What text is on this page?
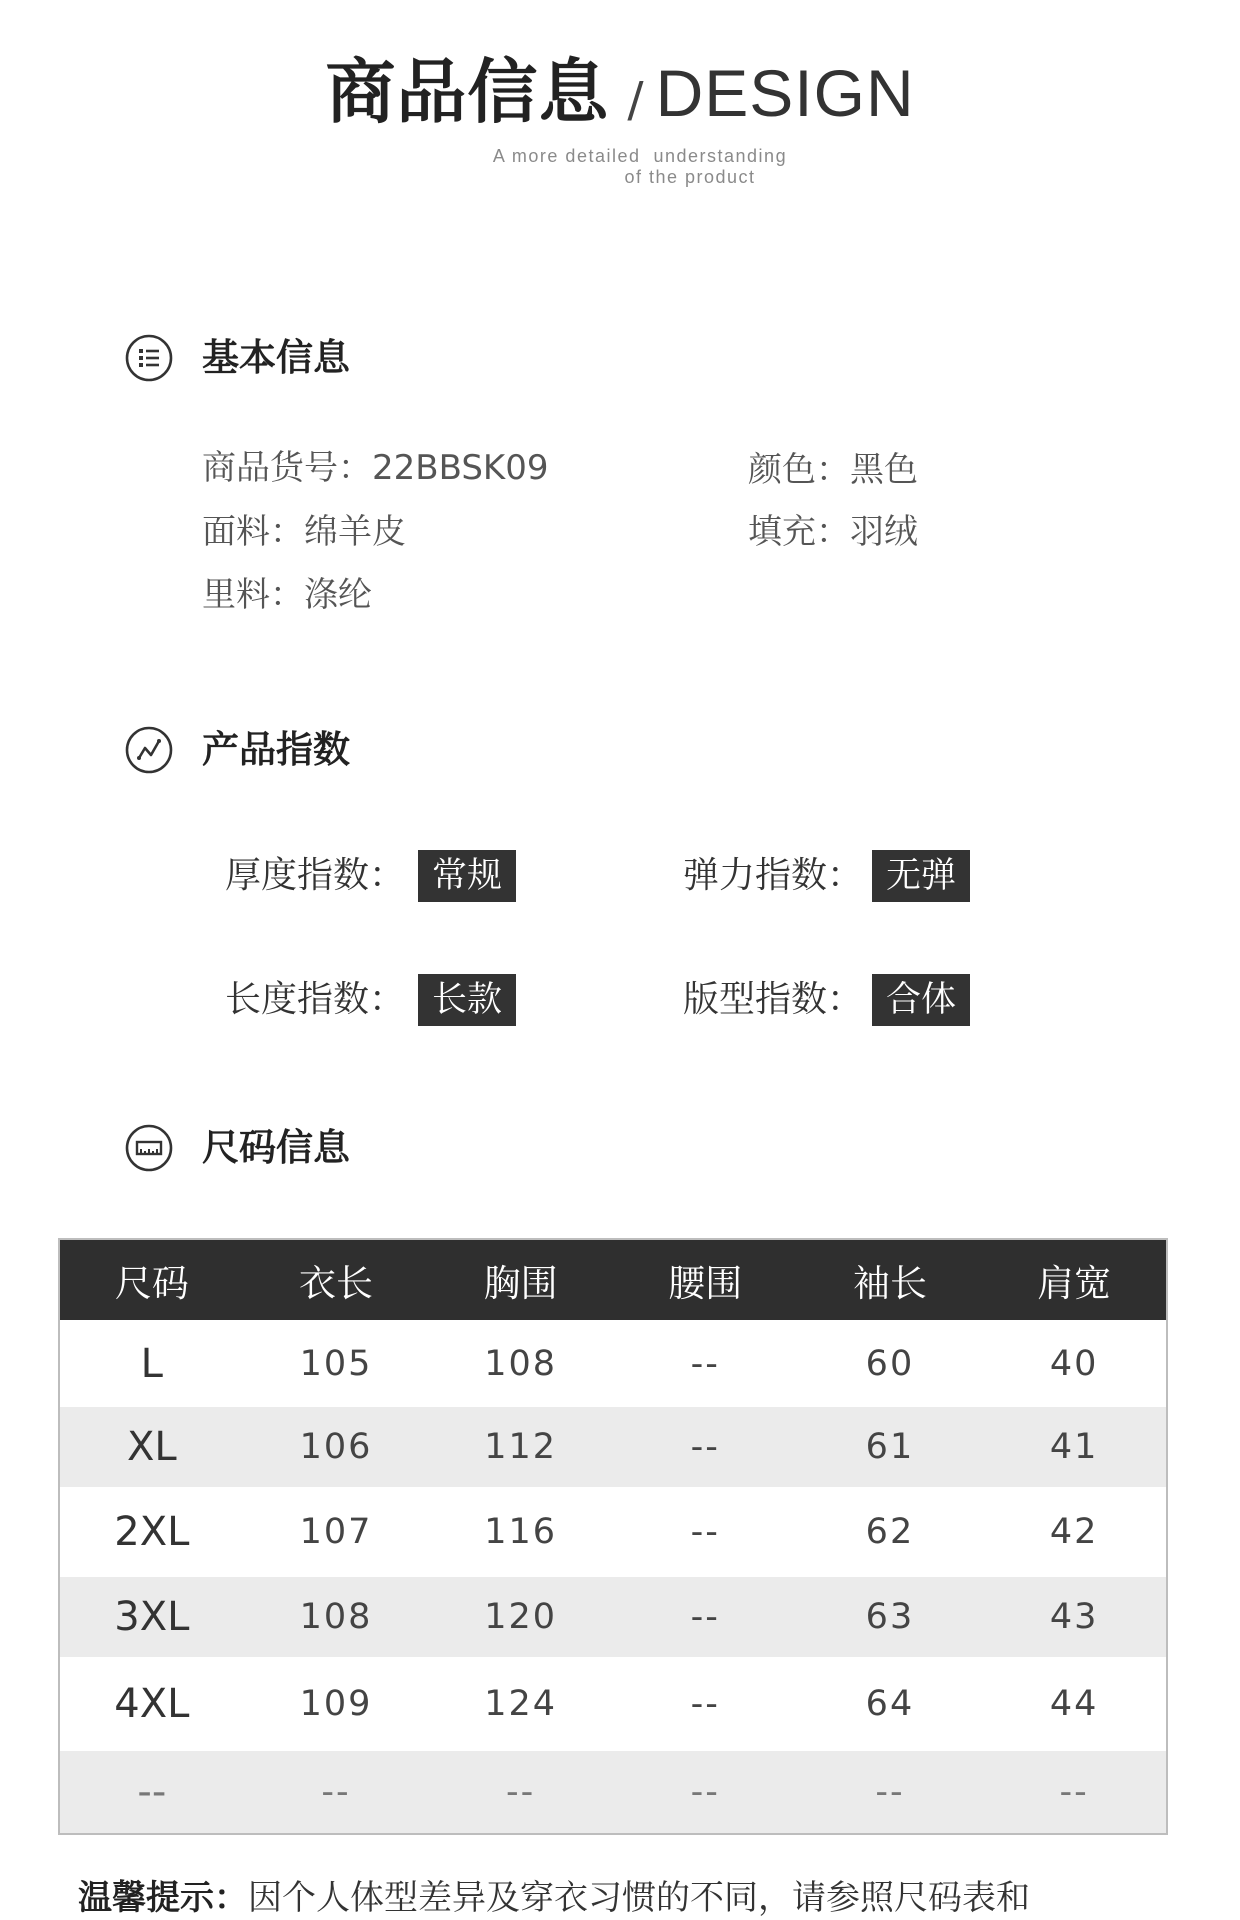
商品信息 / DESIGN
A more detailed  understanding
of the product
基本信息
商品货号：22BBSK09	颜色：黑色
面料：绵羊皮	填充：羽绒
里料：涤纶
产品指数
厚度指数： 常规	弹力指数： 无弹
长度指数： 长款	版型指数： 合体
尺码信息
尺码	衣长	胸围	腰围	袖长	肩宽
L	105	108	--	60	40
XL	106	112	--	61	41
2XL	107	116	--	62	42
3XL	108	120	--	63	43
4XL	109	124	--	64	44
--	--	--	--	--	--
温馨提示：因个人体型差异及穿衣习惯的不同，请参照尺码表和
